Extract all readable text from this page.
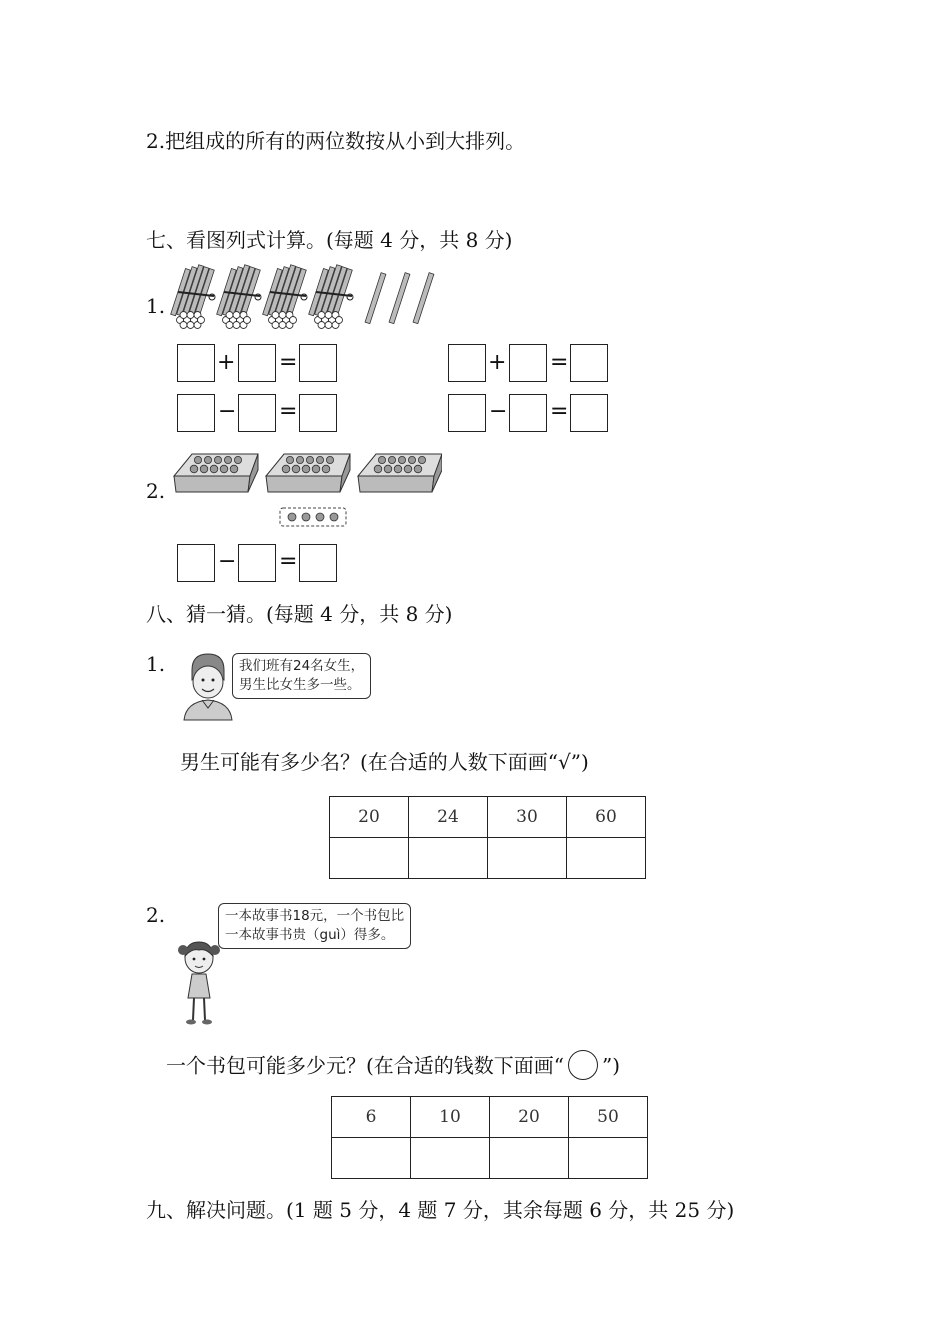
2.把组成的所有的两位数按从小到大排列。
七、看图列式计算。(每题 4 分，共 8 分)
1.
+ =
− =
+ =
− =
2.
− =
八、猜一猜。(每题 4 分，共 8 分)
1.	我们班有24名女生，
男生比女生多一些。
男生可能有多少名？(在合适的人数下面画“√”)
20	24	30	60

2.	一本故事书18元，一个书包比
一本故事书贵（guì）得多。
一个书包可能多少元？(在合适的钱数下面画“ ”)
6	10	20	50

九、解决问题。(1 题 5 分，4 题 7 分，其余每题 6 分，共 25 分)
